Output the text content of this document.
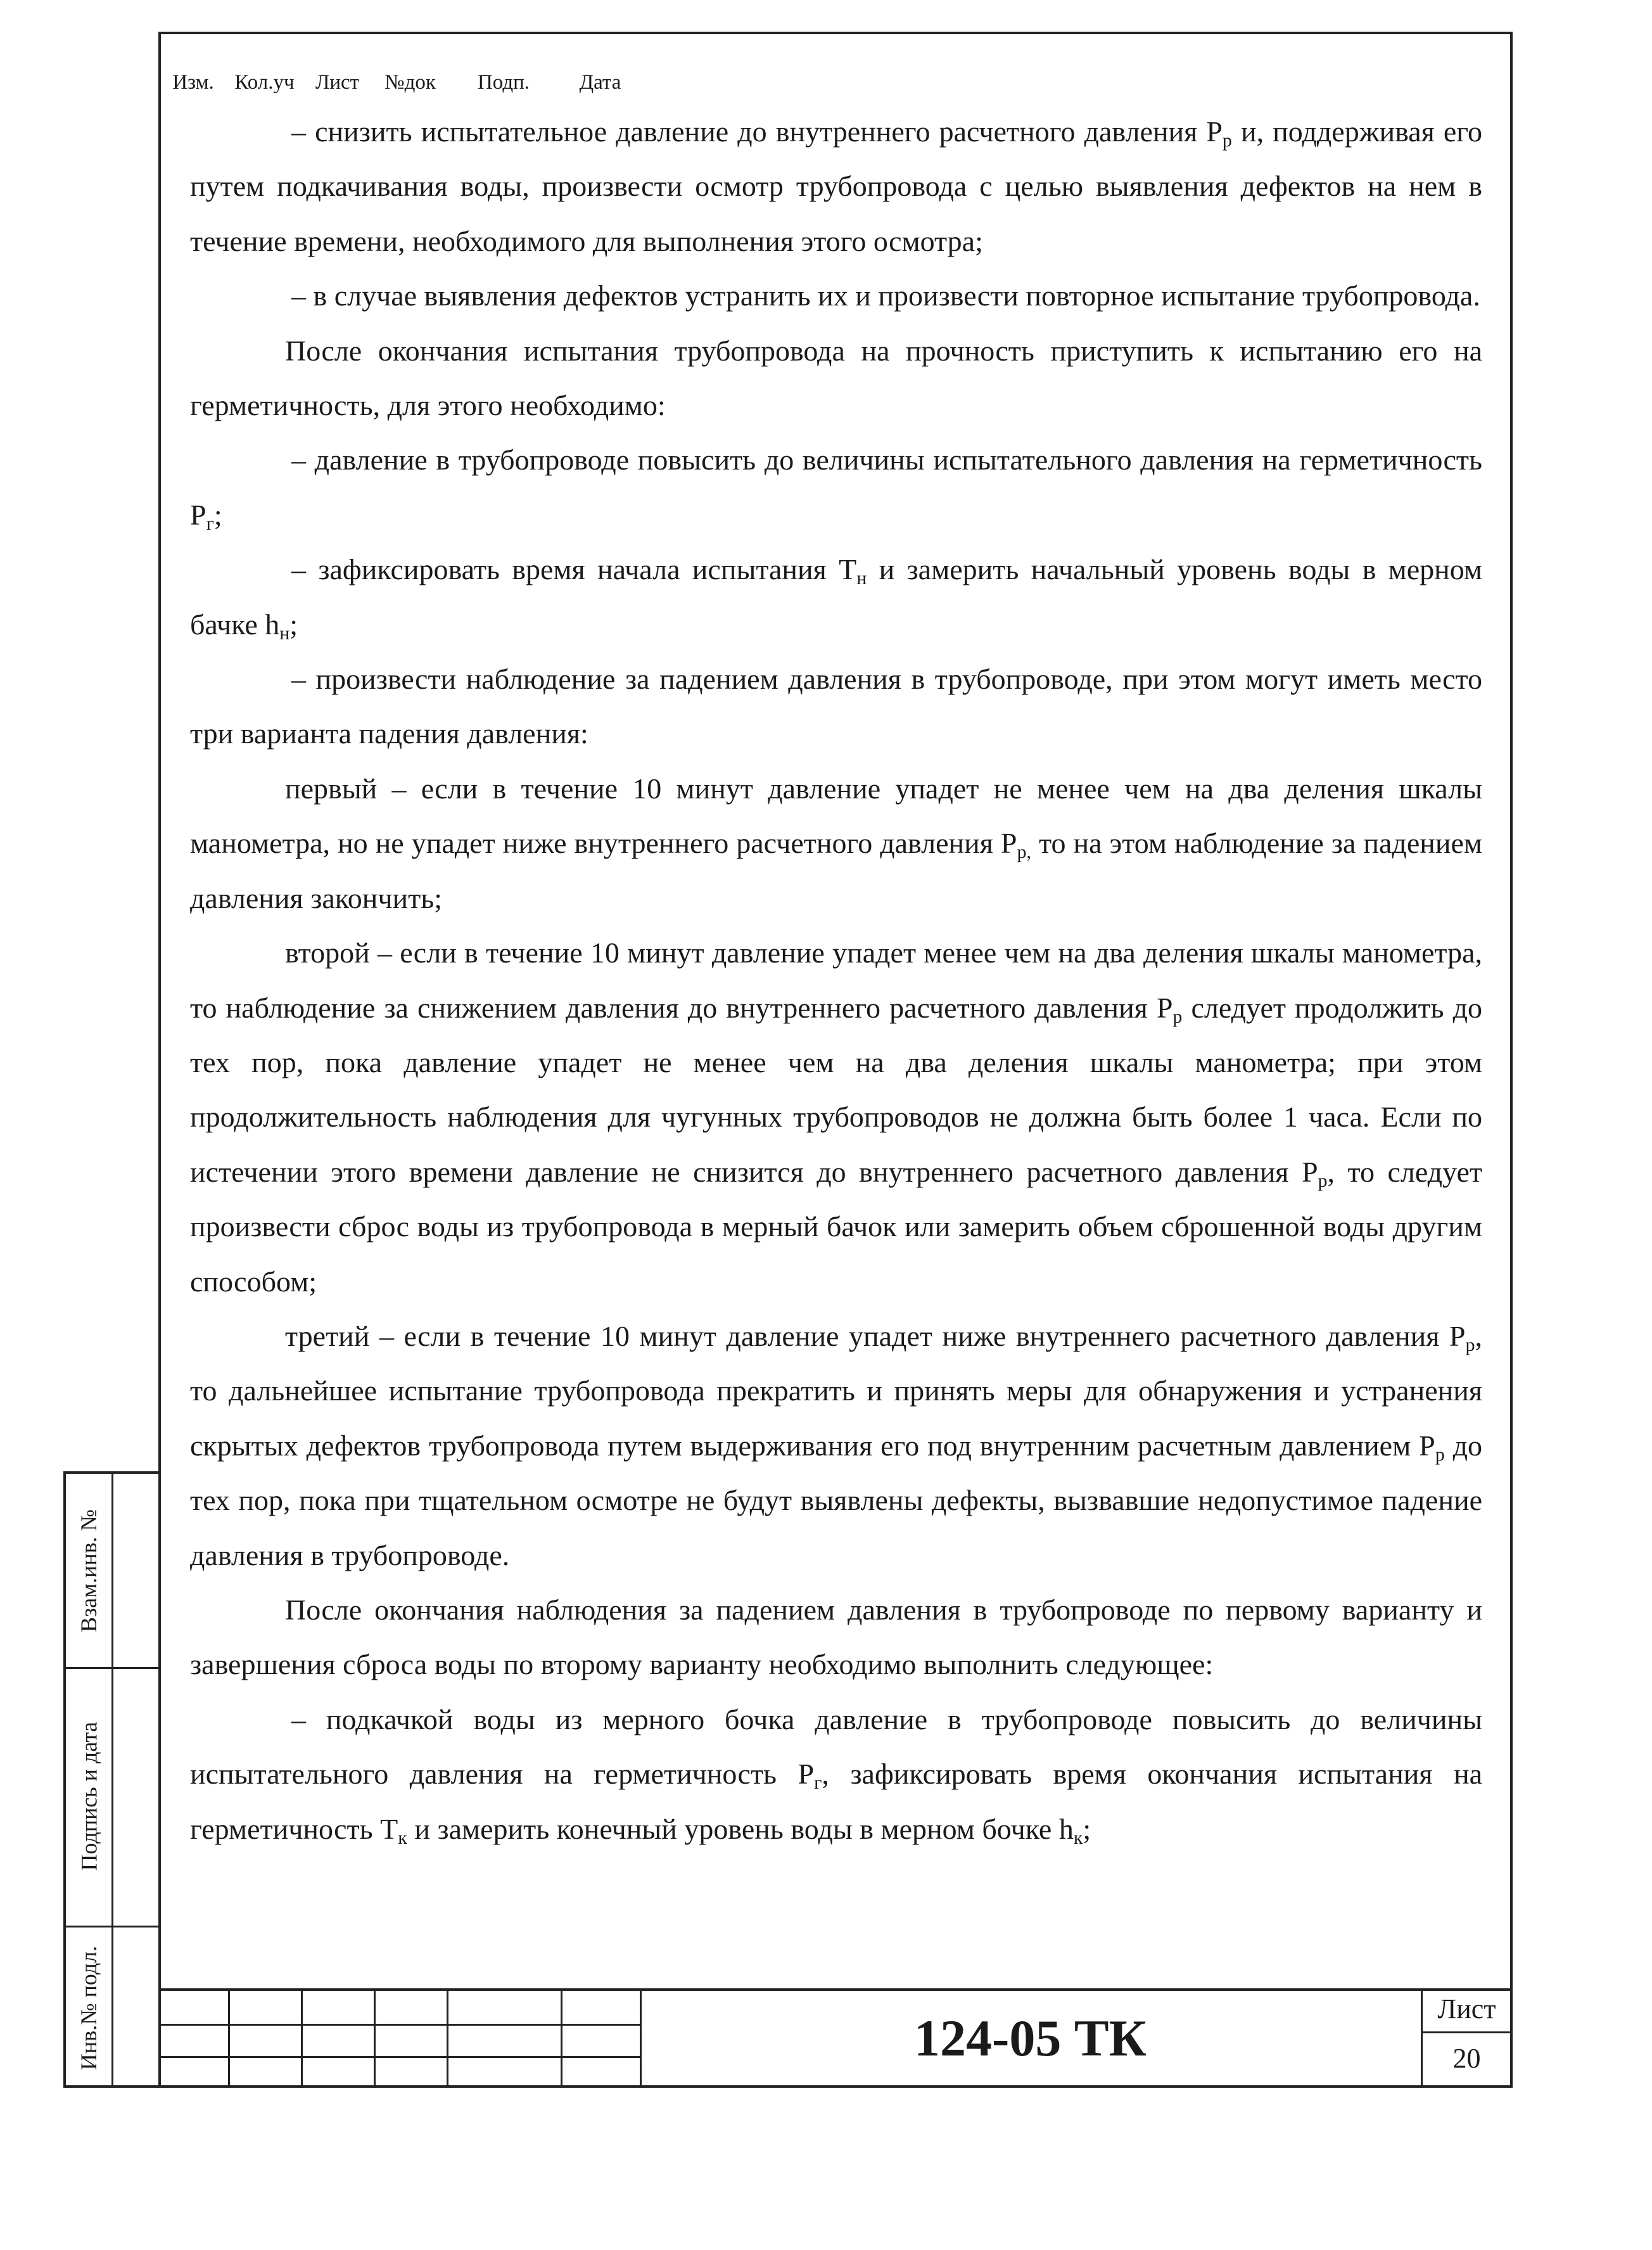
– снизить испытательное давление до внутреннего расчетного давления $P_р$ и, поддерживая его путем подкачивания воды, произвести осмотр трубопровода с целью выявления дефектов на нем в течение времени, необходимого для выполнения этого осмотра;

– в случае выявления дефектов устранить их и произвести повторное испытание трубопровода.

После окончания испытания трубопровода на прочность приступить к испытанию его на герметичность, для этого необходимо:

– давление в трубопроводе повысить до величины испытательного давления на герметичность $P_г$;

– зафиксировать время начала испытания $T_н$ и замерить начальный уровень воды в мерном бачке $h_н$;

– произвести наблюдение за падением давления в трубопроводе, при этом могут иметь место три варианта падения давления:

первый – если в течение 10 минут давление упадет не менее чем на два деления шкалы манометра, но не упадет ниже внутреннего расчетного давления $P_{р,}$ то на этом наблюдение за падением давления закончить;

второй – если в течение 10 минут давление упадет менее чем на два деления шкалы манометра, то наблюдение за снижением давления до внутреннего расчетного давления $P_р$ следует продолжить до тех пор, пока давление упадет не менее чем на два деления шкалы манометра; при этом продолжительность наблюдения для чугунных трубопроводов не должна быть более 1 часа. Если по истечении этого времени давление не снизится до внутреннего расчетного давления $P_р$, то следует произвести сброс воды из трубопровода в мерный бачок или замерить объем сброшенной воды другим способом;

третий – если в течение 10 минут давление упадет ниже внутреннего расчетного давления $P_р$, то дальнейшее испытание трубопровода прекратить и принять меры для обнаружения и устранения скрытых дефектов трубопровода путем выдерживания его под внутренним расчетным давлением $P_р$ до тех пор, пока при тщательном осмотре не будут выявлены дефекты, вызвавшие недопустимое падение давления в трубопроводе.

После окончания наблюдения за падением давления в трубопроводе по первому варианту и завершения сброса воды по второму варианту необходимо выполнить следующее:

– подкачкой воды из мерного бочка давление в трубопроводе повысить до величины испытательного давления на герметичность $P_г$, зафиксировать время окончания испытания на герметичность $T_к$ и замерить конечный уровень воды в мерном бочке $h_к$;

Взам.инв. №
Подпись и дата
Инв.№ подл.
Изм. Кол.уч	Лист	№док	Подп.	Дата
124-05 ТК
Лист
20
